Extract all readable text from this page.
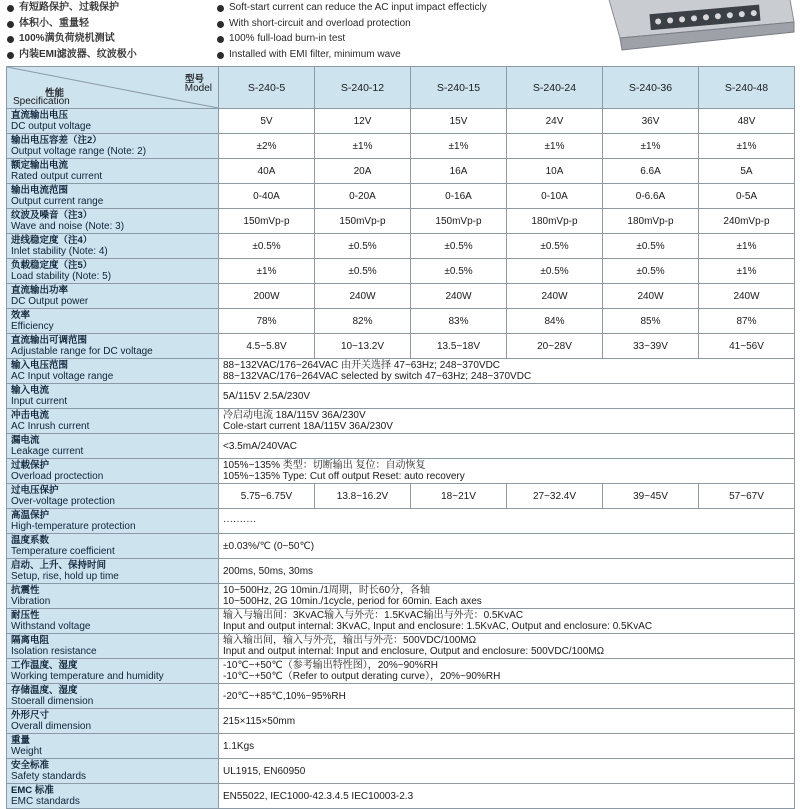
有短路保护、过载保护
体积小、重量轻
100%满负荷烧机测试
内装EMI滤波器、纹波极小
Soft-start current can reduce the AC input impact effecticly
With short-circuit and overload protection
100% full-load burn-in test
Installed with EMI filter, minimum wave
型号
Model
性能
Specification	S-240-5	S-240-12	S-240-15	S-240-24	S-240-36	S-240-48

直流输出电压
DC output voltage	5V	12V	15V	24V	36V	48V

输出电压容差（注2）
Output voltage range (Note: 2)	±2%	±1%	±1%	±1%	±1%	±1%

额定输出电流
Rated output current	40A	20A	16A	10A	6.6A	5A

输出电流范围
Output current range	0-40A	0-20A	0-16A	0-10A	0-6.6A	0-5A

纹波及噪音（注3）
Wave and noise (Note: 3)	150mVp-p	150mVp-p	150mVp-p	180mVp-p	180mVp-p	240mVp-p

进线稳定度（注4）
Inlet stability (Note: 4)	±0.5%	±0.5%	±0.5%	±0.5%	±0.5%	±1%

负载稳定度（注5）
Load stability (Note: 5)	±1%	±0.5%	±0.5%	±0.5%	±0.5%	±1%

直流输出功率
DC Output power	200W	240W	240W	240W	240W	240W

效率
Efficiency	78%	82%	83%	84%	85%	87%

直流输出可调范围
Adjustable range for DC voltage	4.5~5.8V	10~13.2V	13.5~18V	20~28V	33~39V	41~56V

输入电压范围
AC Input voltage range	88~132VAC/176~264VAC 由开关选择 47~63Hz; 248~370VDC
88~132VAC/176~264VAC selected by switch 47~63Hz; 248~370VDC					

输入电流
Input current	5A/115V 2.5A/230V					

冲击电流
AC Inrush current	冷启动电流 18A/115V 36A/230V
Cole-start current 18A/115V 36A/230V					

漏电流
Leakage current	<3.5mA/240VAC					

过载保护
Overload proctection	105%~135% 类型：切断输出 复位：自动恢复
105%~135% Type: Cut off output Reset: auto recovery					

过电压保护
Over-voltage protection	5.75~6.75V	13.8~16.2V	18~21V	27~32.4V	39~45V	57~67V

高温保护
High-temperature protection	··········					

温度系数
Temperature coefficient	±0.03%/℃ (0~50℃)					

启动、上升、保持时间
Setup, rise, hold up time	200ms, 50ms, 30ms					

抗震性
Vibration	10~500Hz, 2G 10min./1周期，时长60分，各轴
10~500Hz, 2G 10min./1cycle, period for 60min. Each axes					

耐压性
Withstand voltage	输入与输出间：3KvAC输入与外壳：1.5KvAC输出与外壳：0.5KvAC
Input and output internal: 3KvAC, Input and enclosure: 1.5KvAC, Output and enclosure: 0.5KvAC					

隔离电阻
Isolation resistance	输入输出间，输入与外壳，输出与外壳：500VDC/100MΩ
Input and output internal: Input and enclosure, Output and enclosure: 500VDC/100MΩ					

工作温度、湿度
Working temperature and humidity	-10℃~+50℃（参考输出特性图），20%~90%RH
-10℃~+50℃（Refer to output derating curve），20%~90%RH					

存储温度、湿度
Stoerall dimension	-20℃~+85℃,10%~95%RH					

外形尺寸
Overall dimension	215×115×50mm					

重量
Weight	1.1Kgs					

安全标准
Safety standards	UL1915, EN60950					

EMC 标准
EMC standards	EN55022, IEC1000-42.3.4.5 IEC10003-2.3					
